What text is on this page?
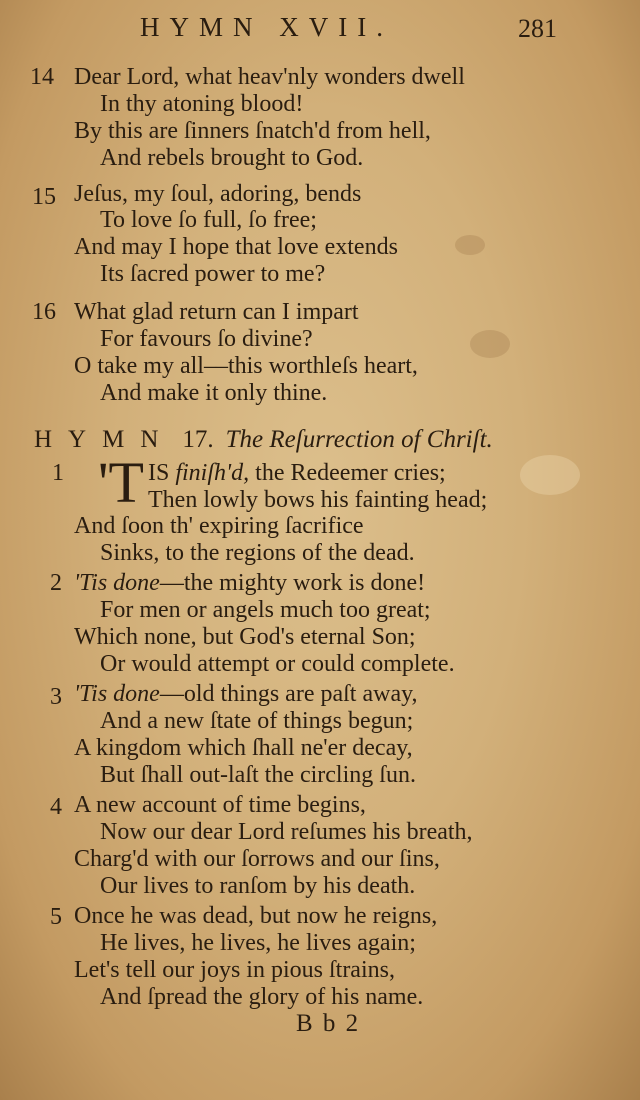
HYMN XVII.	281
14 Dear Lord, what heav'nly wonders dwell
In thy atoning blood!
By this are ſinners ſnatch'd from hell,
And rebels brought to God.
15 Jeſus, my ſoul, adoring, bends
To love ſo full, ſo free;
And may I hope that love extends
Its ſacred power to me?
16 What glad return can I impart
For favours ſo divine?
O take my all––this worthleſs heart,
And make it only thine.
HYMN 17. The Reſurrection of Chriſt.
1 'T IS finiſh'd, the Redeemer cries;
Then lowly bows his fainting head;
And ſoon th' expiring ſacrifice
Sinks, to the regions of the dead.
2 'Tis done—the mighty work is done!
For men or angels much too great;
Which none, but God's eternal Son;
Or would attempt or could complete.
3 'Tis done—old things are paſt away,
And a new ſtate of things begun;
A kingdom which ſhall ne'er decay,
But ſhall out-laſt the circling ſun.
4 A new account of time begins,
Now our dear Lord reſumes his breath,
Charg'd with our ſorrows and our ſins,
Our lives to ranſom by his death.
5 Once he was dead, but now he reigns,
He lives, he lives, he lives again;
Let's tell our joys in pious ſtrains,
And ſpread the glory of his name.
B b 2
